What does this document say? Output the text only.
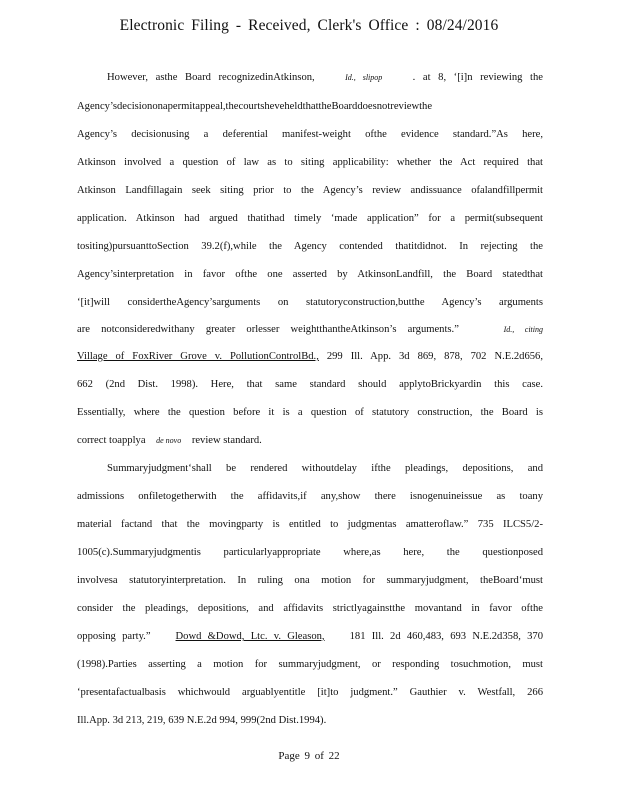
Electronic Filing - Received, Clerk's Office : 08/24/2016
However, asthe Board recognizedinAtkinson,	Id., slipop	. at 8, ‘[i]n reviewing the
Agency’sdecisiononapermitappeal,thecourtsheveheldthattheBoarddoesnotreviewthe
Agency’s decisionusing a deferential manifest-weight ofthe evidence standard.”As here,
Atkinson involved a question of law as to siting applicability: whether the Act required that
Atkinson Landfillagain seek siting prior to the Agency’s review andissuance ofalandfillpermit
application. Atkinson had argued thatithad timely ‘made application” for a permit(subsequent
tositing)pursuanttoSection 39.2(f),while the Agency contended thatitdidnot. In rejecting the
Agency’sinterpretation in favor ofthe one asserted by AtkinsonLandfill, the Board statedthat
‘[it]will considertheAgency’sarguments on statutoryconstruction,butthe Agency’s arguments
are notconsideredwithany greater orlesser weightthantheAtkinson’s arguments.”	Id., citing
Village of FoxRiver Grove v. PollutionControlBd., 299 Ill. App. 3d 869, 878, 702 N.E.2d656,
662 (2nd Dist. 1998). Here, that same standard should applytoBrickyardin this case.
Essentially, where the question before it is a question of statutory construction, the Board is
correct toapplya de novo review standard.
Summaryjudgment‘shall be rendered withoutdelay ifthe pleadings, depositions, and
admissions onfiletogetherwith the affidavits,if any,show there isnogenuineissue as toany
material factand that the movingparty is entitled to judgmentas amatteroflaw.” 735 ILCS5/2-
1005(c).Summaryjudgmentis particularlyappropriate where,as here, the questionposed
involvesa statutoryinterpretation. In ruling ona motion for summaryjudgment, theBoard‘must
consider the pleadings, depositions, and affidavits strictlyagainstthe movantand in favor ofthe
opposing party.” Dowd &Dowd, Ltc. v. Gleason, 181 Ill. 2d 460,483, 693 N.E.2d358, 370
(1998).Parties asserting a motion for summaryjudgment, or responding tosuchmotion, must
‘presentafactualbasis whichwould arguablyentitle [it]to judgment.” Gauthier v. Westfall, 266
Ill.App. 3d 213, 219, 639 N.E.2d 994, 999(2nd Dist.1994).
Page 9 of 22
